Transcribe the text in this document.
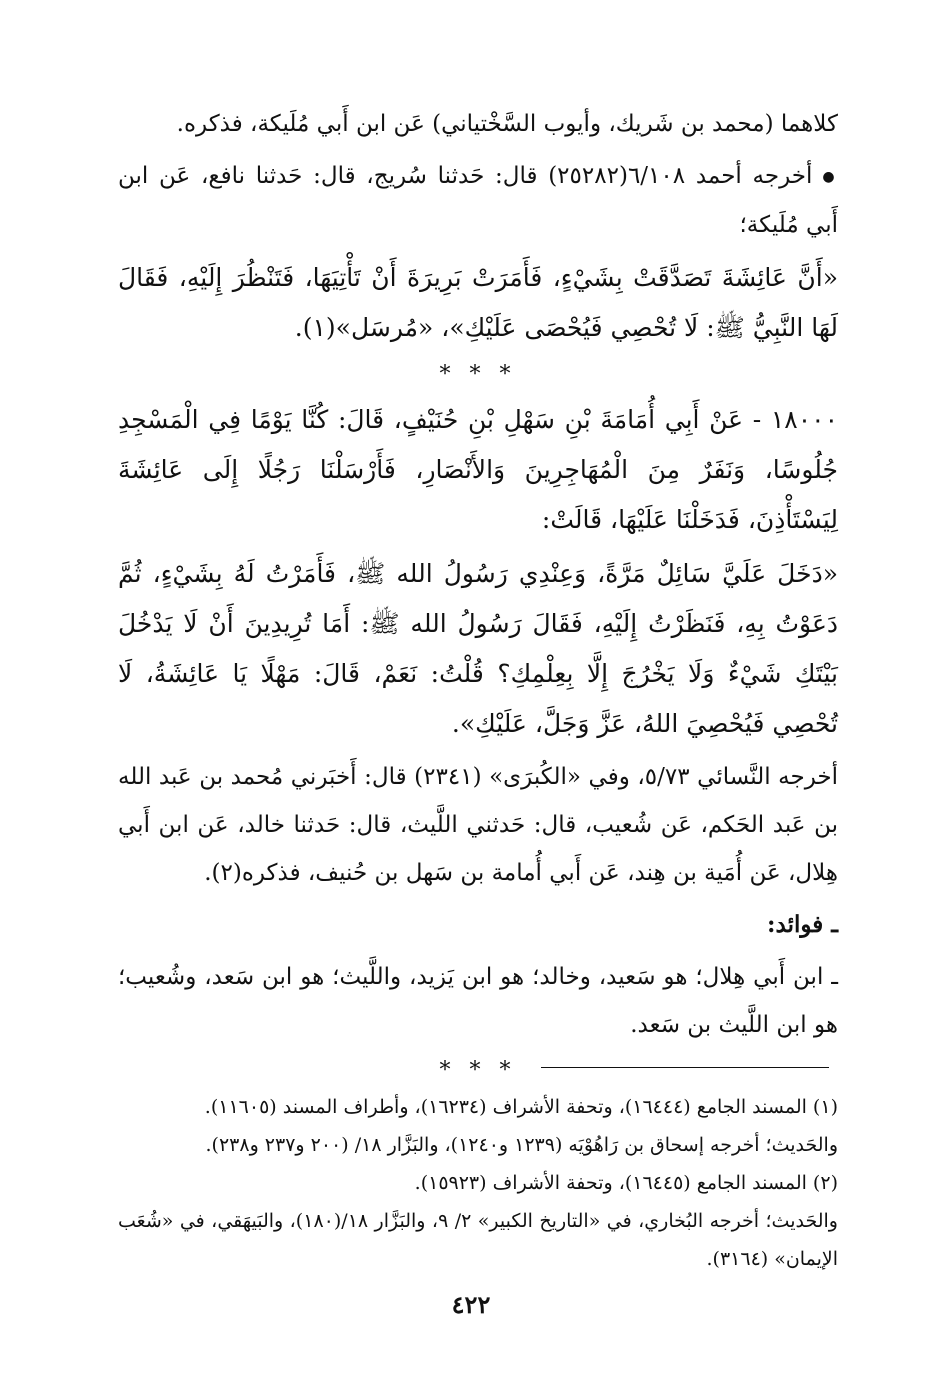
كلاهما (محمد بن شَريك، وأيوب السَّخْتياني) عَن ابن أَبي مُلَيكة، فذكره.

● أخرجه أحمد ٦/١٠٨(٢٥٢٨٢) قال: حَدثنا سُريج، قال: حَدثنا نافع، عَن ابن أَبي مُلَيكة؛

«أَنَّ عَائِشَةَ تَصَدَّقَتْ بِشَيْءٍ، فَأَمَرَتْ بَرِيرَةَ أَنْ تَأْتِيَهَا، فَتَنْظُرَ إِلَيْهِ، فَقَالَ لَهَا النَّبِيُّ ﷺ: لَا تُحْصِي فَيُحْصَى عَلَيْكِ»، «مُرسَل»(١).

* * *

١٨٠٠٠ - عَنْ أَبِي أُمَامَةَ بْنِ سَهْلِ بْنِ حُنَيْفٍ، قَالَ: كُنَّا يَوْمًا فِي الْمَسْجِدِ جُلُوسًا، وَنَفَرٌ مِنَ الْمُهَاجِرِينَ وَالأَنْصَارِ، فَأَرْسَلْنَا رَجُلًا إِلَى عَائِشَةَ لِيَسْتَأْذِنَ، فَدَخَلْنَا عَلَيْهَا، قَالَتْ:

«دَخَلَ عَلَيَّ سَائِلٌ مَرَّةً، وَعِنْدِي رَسُولُ الله ﷺ، فَأَمَرْتُ لَهُ بِشَيْءٍ، ثُمَّ دَعَوْتُ بِهِ، فَنَظَرْتُ إِلَيْهِ، فَقَالَ رَسُولُ الله ﷺ: أَمَا تُرِيدِينَ أَنْ لَا يَدْخُلَ بَيْتَكِ شَيْءٌ وَلَا يَخْرُجَ إِلَّا بِعِلْمِكِ؟ قُلْتُ: نَعَمْ، قَالَ: مَهْلًا يَا عَائِشَةُ، لَا تُحْصِي فَيُحْصِيَ اللهُ، عَزَّ وَجَلَّ، عَلَيْكِ».

أخرجه النَّسائي ٥/٧٣، وفي «الكُبرَى» (٢٣٤١) قال: أَخبَرني مُحمد بن عَبد الله بن عَبد الحَكم، عَن شُعيب، قال: حَدثني اللَّيث، قال: حَدثنا خالد، عَن ابن أَبي هِلال، عَن أُمَية بن هِند، عَن أَبي أُمامة بن سَهل بن حُنيف، فذكره(٢).

ـ فوائد:

ـ ابن أَبي هِلال؛ هو سَعيد، وخالد؛ هو ابن يَزيد، واللَّيث؛ هو ابن سَعد، وشُعيب؛ هو ابن اللَّيث بن سَعد.

* * *

(١) المسند الجامع (١٦٤٤٤)، وتحفة الأشراف (١٦٢٣٤)، وأطراف المسند (١١٦٠٥).

والحَديث؛ أخرجه إسحاق بن رَاهُوْيَه (١٢٣٩ و١٢٤٠)، والبَزَّار ١٨/ (٢٠٠ و٢٣٧ و٢٣٨).

(٢) المسند الجامع (١٦٤٤٥)، وتحفة الأشراف (١٥٩٢٣).

والحَديث؛ أخرجه البُخاري، في «التاريخ الكبير» ٢/ ٩، والبَزَّار ١٨/(١٨٠)، والبَيهَقي، في «شُعَب الإيمان» (٣١٦٤).

٤٢٢
